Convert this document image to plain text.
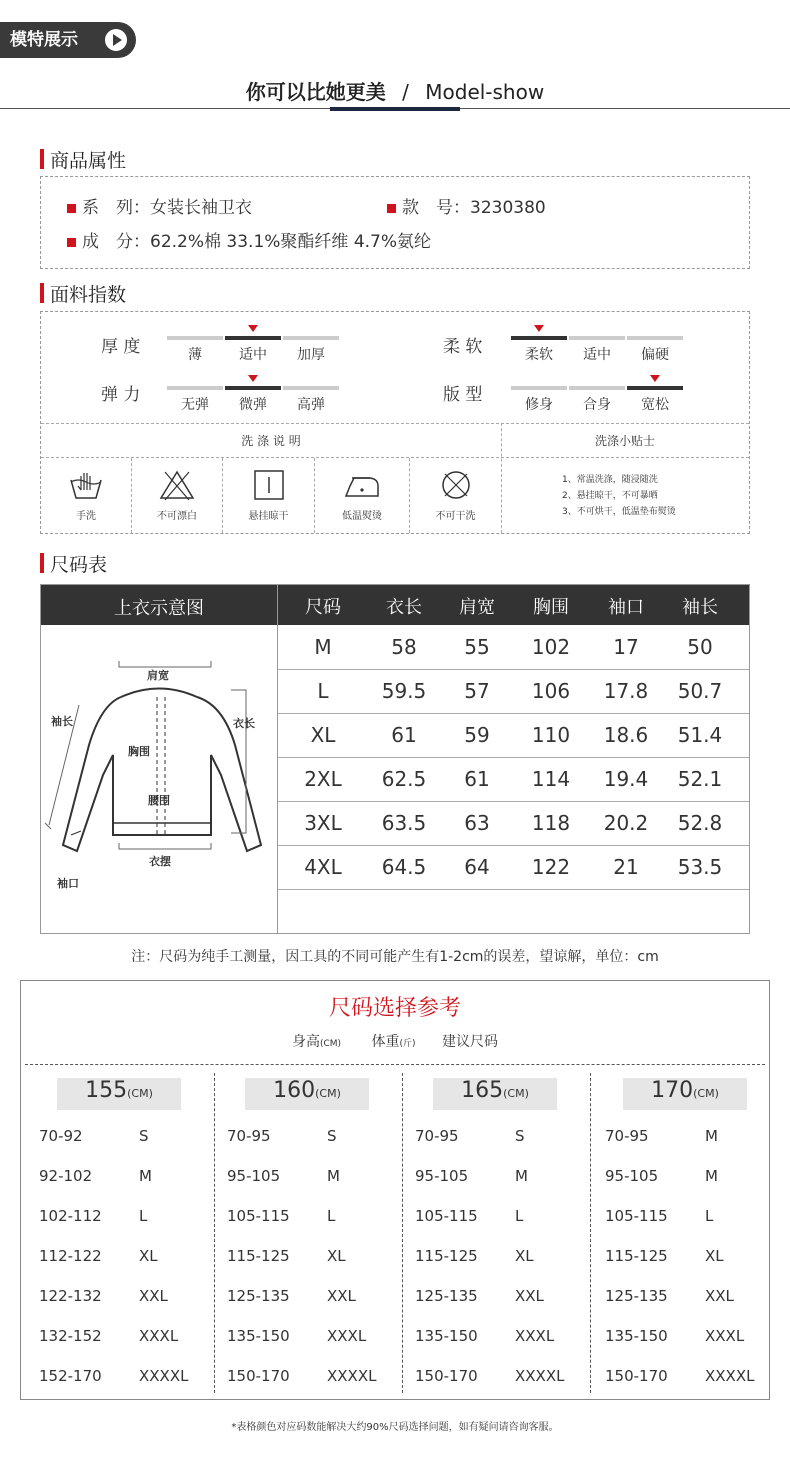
模特展示
你可以比她更美 / Model-show
商品属性
系　列：女装长袖卫衣	款　号：3230380
成　分：62.2%棉 33.1%聚酯纤维 4.7%氨纶
面料指数
厚 度	薄	适中	加厚	柔 软	柔软	适中	偏硬
弹 力	无弹	微弹	高弹	版 型	修身	合身	宽松
洗 涤 说 明	洗涤小贴士
手洗	不可漂白	悬挂晾干	低温熨烫	不可干洗
1、常温洗涤，随浸随洗
2、悬挂晾干，不可暴晒
3、不可烘干，低温垫布熨烫
尺码表
上衣示意图	尺码	衣长	肩宽	胸围	袖口	袖长
M	58	55	102	17	50
L	59.5	57	106	17.8	50.7
XL	61	59	110	18.6	51.4
2XL	62.5	61	114	19.4	52.1
3XL	63.5	63	118	20.2	52.8
4XL	64.5	64	122	21	53.5
肩宽
袖长	衣长
胸围
腰围
衣摆
袖口
注：尺码为纯手工测量，因工具的不同可能产生有1-2cm的误差，望谅解，单位：cm
尺码选择参考
身高(CM) 体重(斤) 建议尺码
155(CM)
70-92	S
92-102	M
102-112 L
112-122 XL
122-132 XXL
132-152 XXXL
152-170 XXXXL
160(CM)
70-95	S
95-105	M
105-115 L
115-125 XL
125-135 XXL
135-150 XXXL
150-170 XXXXL
165(CM)
70-95	S
95-105	M
105-115 L
115-125 XL
125-135 XXL
135-150 XXXL
150-170 XXXXL
170(CM)
70-95	M
95-105	M
105-115 L
115-125 XL
125-135 XXL
135-150 XXXL
150-170 XXXXL
*表格颜色对应码数能解决大约90%尺码选择问题，如有疑问请咨询客服。
